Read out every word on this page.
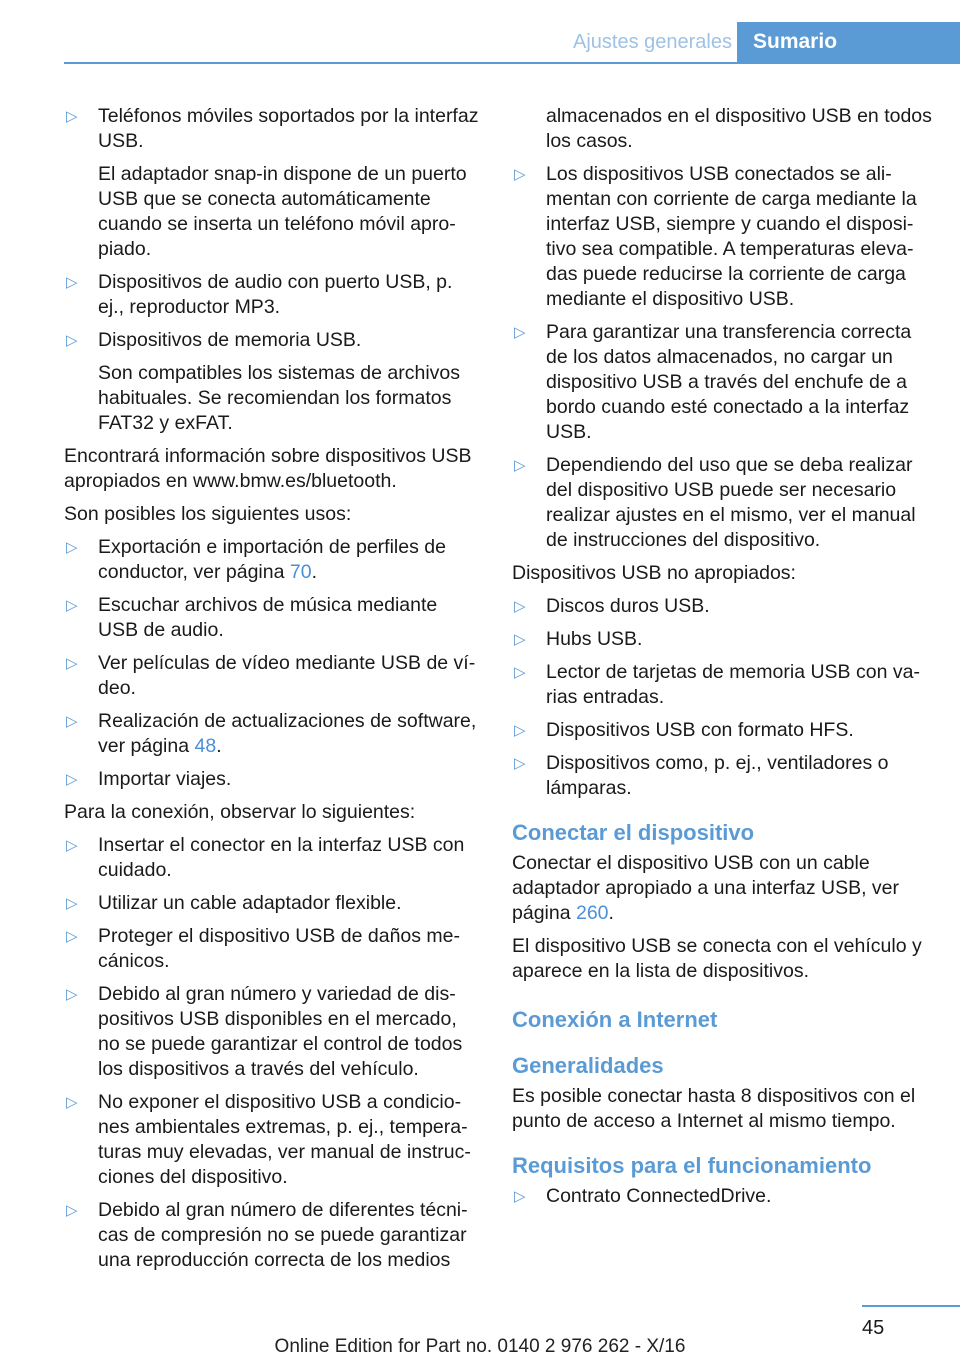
Ajustes generales	Sumario
▷ Teléfonos móviles soportados por la interfaz USB.
El adaptador snap-in dispone de un puerto USB que se conecta automáticamente cuando se inserta un teléfono móvil apropiado.
▷ Dispositivos de audio con puerto USB, p. ej., reproductor MP3.
▷ Dispositivos de memoria USB.
Son compatibles los sistemas de archivos habituales. Se recomiendan los formatos FAT32 y exFAT.
Encontrará información sobre dispositivos USB apropiados en www.bmw.es/bluetooth.
Son posibles los siguientes usos:
▷ Exportación e importación de perfiles de conductor, ver página 70.
▷ Escuchar archivos de música mediante USB de audio.
▷ Ver películas de vídeo mediante USB de vídeo.
▷ Realización de actualizaciones de software, ver página 48.
▷ Importar viajes.
Para la conexión, observar lo siguientes:
▷ Insertar el conector en la interfaz USB con cuidado.
▷ Utilizar un cable adaptador flexible.
▷ Proteger el dispositivo USB de daños mecánicos.
▷ Debido al gran número y variedad de dispositivos USB disponibles en el mercado, no se puede garantizar el control de todos los dispositivos a través del vehículo.
▷ No exponer el dispositivo USB a condiciones ambientales extremas, p. ej., temperaturas muy elevadas, ver manual de instrucciones del dispositivo.
▷ Debido al gran número de diferentes técnicas de compresión no se puede garantizar una reproducción correcta de los medios
almacenados en el dispositivo USB en todos los casos.
▷ Los dispositivos USB conectados se alimentan con corriente de carga mediante la interfaz USB, siempre y cuando el dispositivo sea compatible. A temperaturas elevadas puede reducirse la corriente de carga mediante el dispositivo USB.
▷ Para garantizar una transferencia correcta de los datos almacenados, no cargar un dispositivo USB a través del enchufe de a bordo cuando esté conectado a la interfaz USB.
▷ Dependiendo del uso que se deba realizar del dispositivo USB puede ser necesario realizar ajustes en el mismo, ver el manual de instrucciones del dispositivo.
Dispositivos USB no apropiados:
▷ Discos duros USB.
▷ Hubs USB.
▷ Lector de tarjetas de memoria USB con varias entradas.
▷ Dispositivos USB con formato HFS.
▷ Dispositivos como, p. ej., ventiladores o lámparas.
Conectar el dispositivo
Conectar el dispositivo USB con un cable adaptador apropiado a una interfaz USB, ver página 260.
El dispositivo USB se conecta con el vehículo y aparece en la lista de dispositivos.
Conexión a Internet
Generalidades
Es posible conectar hasta 8 dispositivos con el punto de acceso a Internet al mismo tiempo.
Requisitos para el funcionamiento
▷ Contrato ConnectedDrive.
45
Online Edition for Part no. 0140 2 976 262 - X/16
